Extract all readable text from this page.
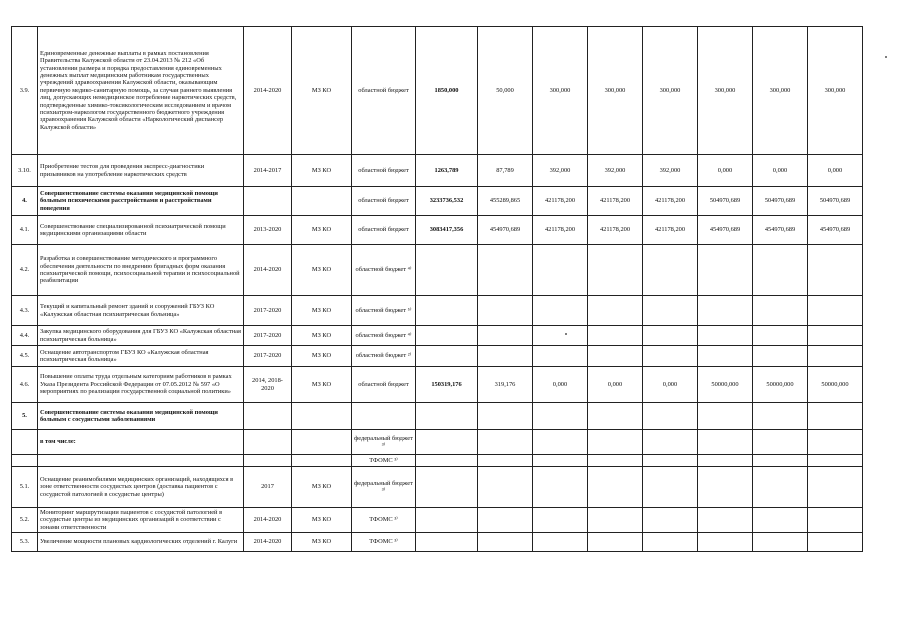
3.9.	Единовременные денежные выплаты в рамках постановления Правительства Калужской области от 23.04.2013 № 212 «Об установлении размера и порядка предоставления единовременных денежных выплат медицинским работникам государственных учреждений здравоохранения Калужской области, оказывающим первичную медико-санитарную помощь, за случаи раннего выявления лиц, допускающих немедицинское потребление наркотических средств, подтвержденные химико-токсикологическим исследованием и врачом психиатром-наркологом государственного бюджетного учреждения здравоохранения Калужской области «Наркологический диспансер Калужской области»	2014-2020	МЗ КО	областной бюджет	1850,000	50,000	300,000	300,000	300,000	300,000	300,000	300,000
3.10.	Приобретение тестов для проведения экспресс-диагностики призывников на употребление наркотических средств	2014-2017	МЗ КО	областной бюджет	1263,789	87,789	392,000	392,000	392,000	0,000	0,000	0,000
4.	Совершенствование системы оказания медицинской помощи больным психическими расстройствами и расстройствами поведения			областной бюджет	3233736,532	455289,865	421178,200	421178,200	421178,200	504970,689	504970,689	504970,689
4.1.	Совершенствование специализированной психиатрической помощи медицинскими организациями области	2013-2020	МЗ КО	областной бюджет	3083417,356	454970,689	421178,200	421178,200	421178,200	454970,689	454970,689	454970,689
4.2.	Разработка и совершенствование методического и программного обеспечения деятельности по внедрению бригадных форм оказания психиатрической помощи, психосоциальной терапии и психосоциальной реабилитации	2014-2020	МЗ КО	областной бюджет ⁴⁾								
4.3.	Текущий и капитальный ремонт зданий и сооружений ГБУЗ КО «Калужская областная психиатрическая больница»	2017-2020	МЗ КО	областной бюджет ⁵⁾								
4.4.	Закупка медицинского оборудования для ГБУЗ КО «Калужская областная психиатрическая больница»	2017-2020	МЗ КО	областной бюджет ⁴⁾								
4.5.	Оснащение автотранспортом ГБУЗ КО «Калужская областная психиатрическая больница»	2017-2020	МЗ КО	областной бюджет ²⁾								
4.6.	Повышение оплаты труда отдельным категориям работников в рамках Указа Президента Российской Федерации от 07.05.2012 № 597 «О мероприятиях по реализации государственной социальной политики»	2014, 2018-2020	МЗ КО	областной бюджет	150319,176	319,176	0,000	0,000	0,000	50000,000	50000,000	50000,000
5.	Совершенствование системы оказания медицинской помощи больным с сосудистыми заболеваниями											
	в том числе:			федеральный бюджет ³⁾								
				ТФОМС ³⁾								
5.1.	Оснащение реанимобилями медицинских организаций, находящихся в зоне ответственности сосудистых центров (доставка пациентов с сосудистой патологией в сосудистые центры)	2017	МЗ КО	федеральный бюджет ³⁾								
5.2.	Мониторинг маршрутизации пациентов с сосудистой патологией в сосудистые центры из медицинских организаций в соответствии с зонами ответственности	2014-2020	МЗ КО	ТФОМС ³⁾								
5.3.	Увеличение мощности плановых кардиологических отделений г. Калуги	2014-2020	МЗ КО	ТФОМС ³⁾								
